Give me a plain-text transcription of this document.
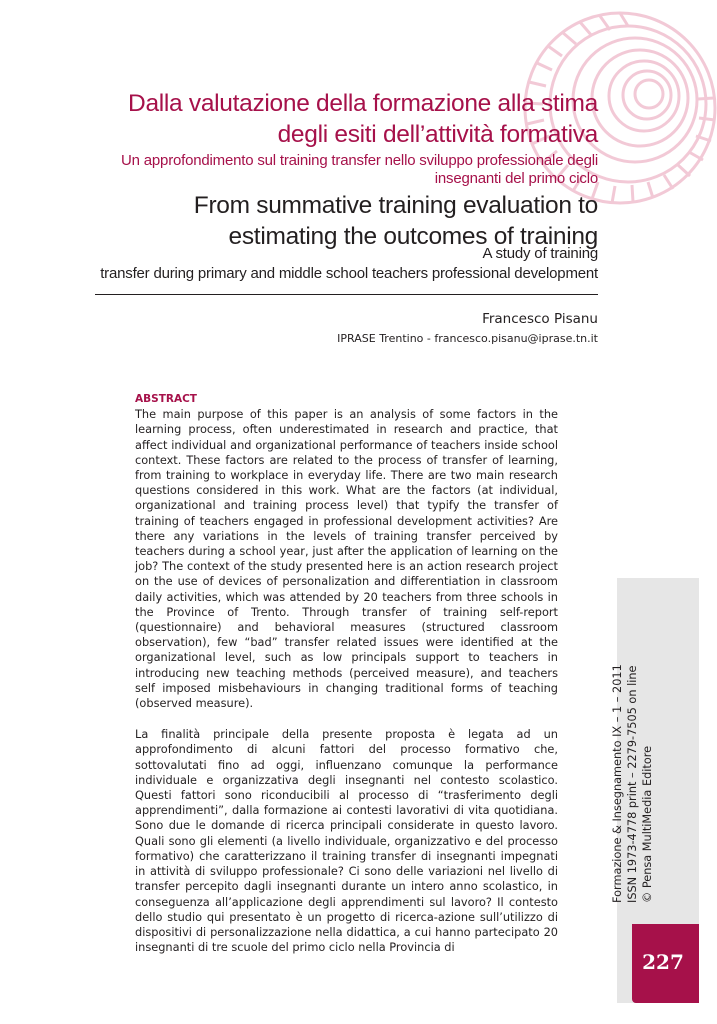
Dalla valutazione della formazione alla stima degli esiti dell’attività formativa
Un approfondimento sul training transfer nello sviluppo professionale degli insegnanti del primo ciclo
From summative training evaluation to estimating the outcomes of training
A study of training
transfer during primary and middle school teachers professional development
Francesco Pisanu
IPRASE Trentino - francesco.pisanu@iprase.tn.it
ABSTRACT

The main purpose of this paper is an analysis of some factors in the learning process, often underestimated in research and practice, that affect individual and organizational performance of teachers inside school context. These factors are related to the process of transfer of learning, from training to workplace in everyday life. There are two main research questions considered in this work. What are the factors (at individual, organizational and training process level) that typify the transfer of training of teachers engaged in professional development activities? Are there any variations in the levels of training transfer perceived by teachers during a school year, just after the application of learning on the job? The context of the study presented here is an action research project on the use of devices of personalization and differentiation in classroom daily activities, which was attended by 20 teachers from three schools in the Province of Trento. Through transfer of training self-report (questionnaire) and behavioral measures (structured classroom observation), few “bad” transfer related issues were identified at the organizational level, such as low principals support to teachers in introducing new teaching methods (perceived measure), and teachers self imposed misbehaviours in changing traditional forms of teaching (observed measure).

La finalità principale della presente proposta è legata ad un approfondimento di alcuni fattori del processo formativo che, sottovalutati fino ad oggi, influenzano comunque la performance individuale e organizzativa degli insegnanti nel contesto scolastico. Questi fattori sono riconducibili al processo di “trasferimento degli apprendimenti”, dalla formazione ai contesti lavorativi di vita quotidiana. Sono due le domande di ricerca principali considerate in questo lavoro. Quali sono gli elementi (a livello individuale, organizzativo e del processo formativo) che caratterizzano il training transfer di insegnanti impegnati in attività di sviluppo professionale? Ci sono delle variazioni nel livello di transfer percepito dagli insegnanti durante un intero anno scolastico, in conseguenza all’applicazione degli apprendimenti sul lavoro? Il contesto dello studio qui presentato è un progetto di ricerca-azione sull’utilizzo di dispositivi di personalizzazione nella didattica, a cui hanno partecipato 20 insegnanti di tre scuole del primo ciclo nella Provincia di

Formazione & Insegnamento IX – 1 – 2011 ISSN 1973-4778 print – 2279-7505 on line © Pensa MultiMedia Editore
227
